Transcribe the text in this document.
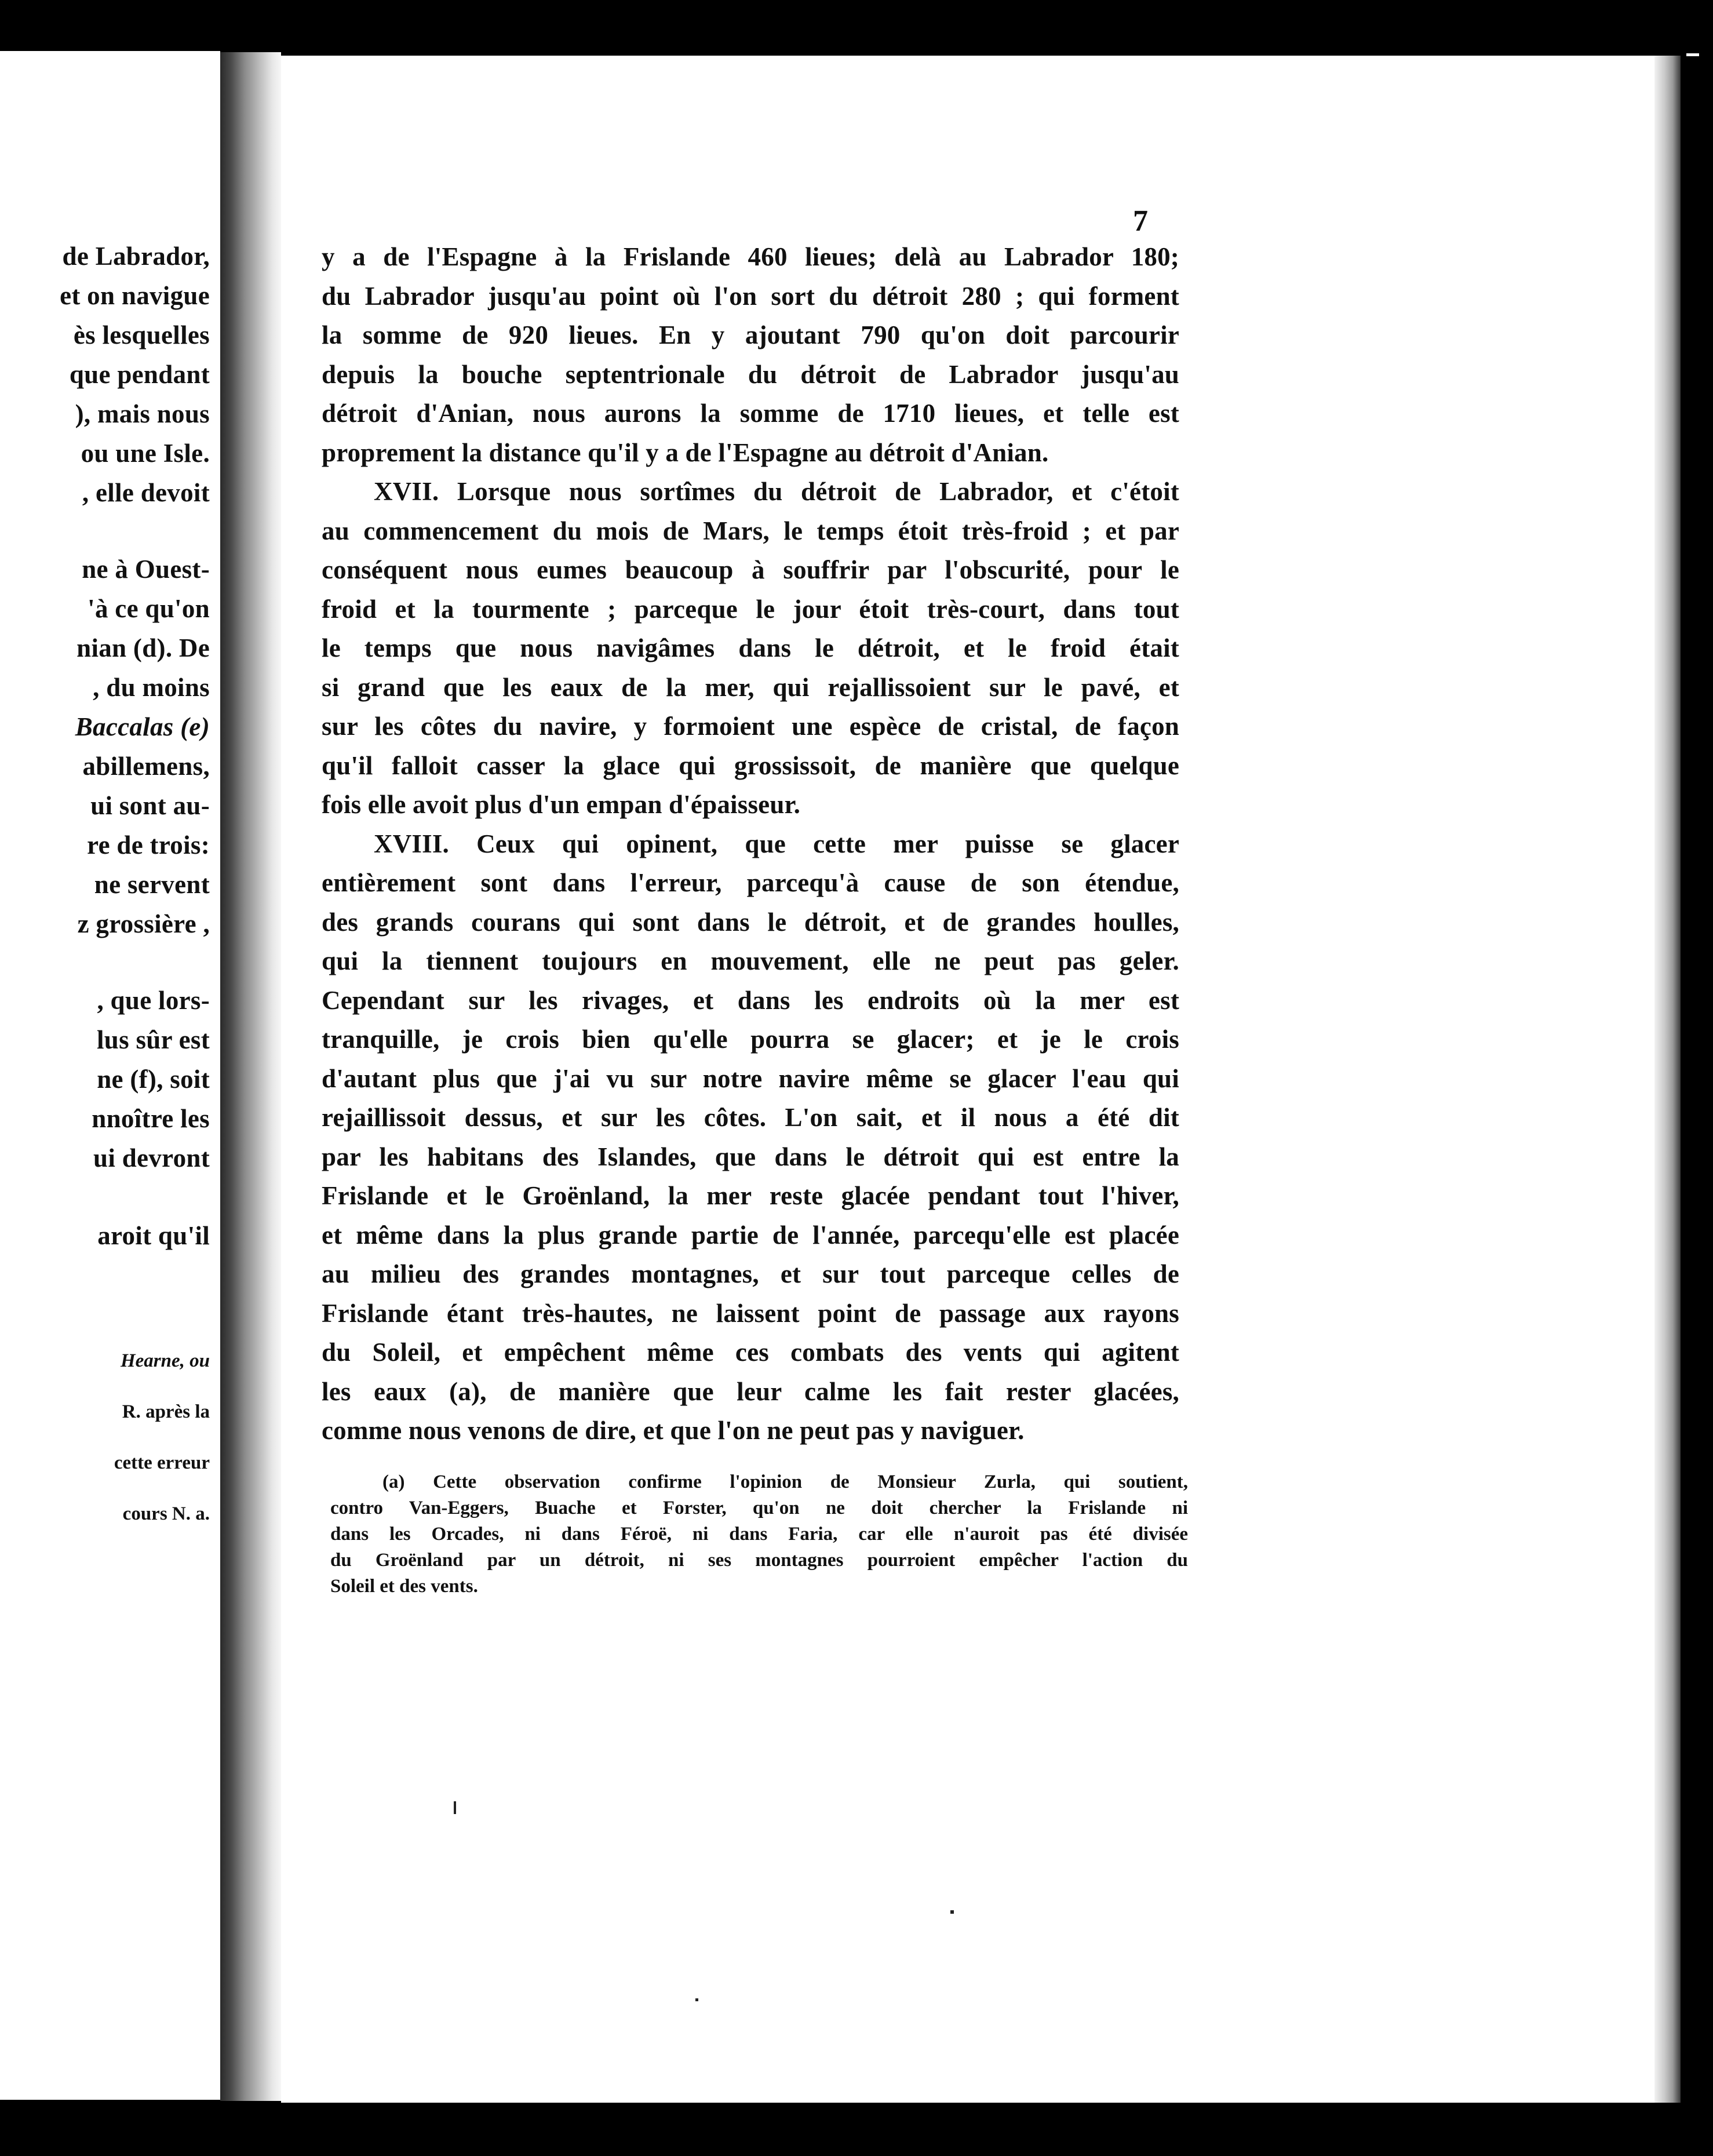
de Labrador,
et on navigue
ès lesquelles
que pendant
), mais nous
ou une Isle.
, elle devoit
ne à Ouest-
'à ce qu'on
nian (d). De
, du moins
Baccalas (e)
abillemens,
ui sont au-
re de trois:
ne servent
z grossière ,
, que lors-
lus sûr est
ne (f), soit
nnoître les
ui devront
aroit qu'il
Hearne, ou
R. après la
cette erreur
cours N. a.
7
y a de l'Espagne à la Frislande 460 lieues; delà au Labrador 180;
du Labrador jusqu'au point où l'on sort du détroit 280 ; qui forment
la somme de 920 lieues. En y ajoutant 790 qu'on doit parcourir
depuis la bouche septentrionale du détroit de Labrador jusqu'au
détroit d'Anian, nous aurons la somme de 1710 lieues, et telle est
proprement la distance qu'il y a de l'Espagne au détroit d'Anian.
XVII. Lorsque nous sortîmes du détroit de Labrador, et c'étoit
au commencement du mois de Mars, le temps étoit très-froid ; et par
conséquent nous eumes beaucoup à souffrir par l'obscurité, pour le
froid et la tourmente ; parceque le jour étoit très-court, dans tout
le temps que nous navigâmes dans le détroit, et le froid était
si grand que les eaux de la mer, qui rejallissoient sur le pavé, et
sur les côtes du navire, y formoient une espèce de cristal, de façon
qu'il falloit casser la glace qui grossissoit, de manière que quelque
fois elle avoit plus d'un empan d'épaisseur.
XVIII. Ceux qui opinent, que cette mer puisse se glacer
entièrement sont dans l'erreur, parcequ'à cause de son étendue,
des grands courans qui sont dans le détroit, et de grandes houlles,
qui la tiennent toujours en mouvement, elle ne peut pas geler.
Cependant sur les rivages, et dans les endroits où la mer est
tranquille, je crois bien qu'elle pourra se glacer; et je le crois
d'autant plus que j'ai vu sur notre navire même se glacer l'eau qui
rejaillissoit dessus, et sur les côtes. L'on sait, et il nous a été dit
par les habitans des Islandes, que dans le détroit qui est entre la
Frislande et le Groënland, la mer reste glacée pendant tout l'hiver,
et même dans la plus grande partie de l'année, parcequ'elle est placée
au milieu des grandes montagnes, et sur tout parceque celles de
Frislande étant très-hautes, ne laissent point de passage aux rayons
du Soleil, et empêchent même ces combats des vents qui agitent
les eaux (a), de manière que leur calme les fait rester glacées,
comme nous venons de dire, et que l'on ne peut pas y naviguer.
(a) Cette observation confirme l'opinion de Monsieur Zurla, qui soutient,
contro Van-Eggers, Buache et Forster, qu'on ne doit chercher la Frislande ni
dans les Orcades, ni dans Féroë, ni dans Faria, car elle n'auroit pas été divisée
du Groënland par un détroit, ni ses montagnes pourroient empêcher l'action du
Soleil et des vents.
